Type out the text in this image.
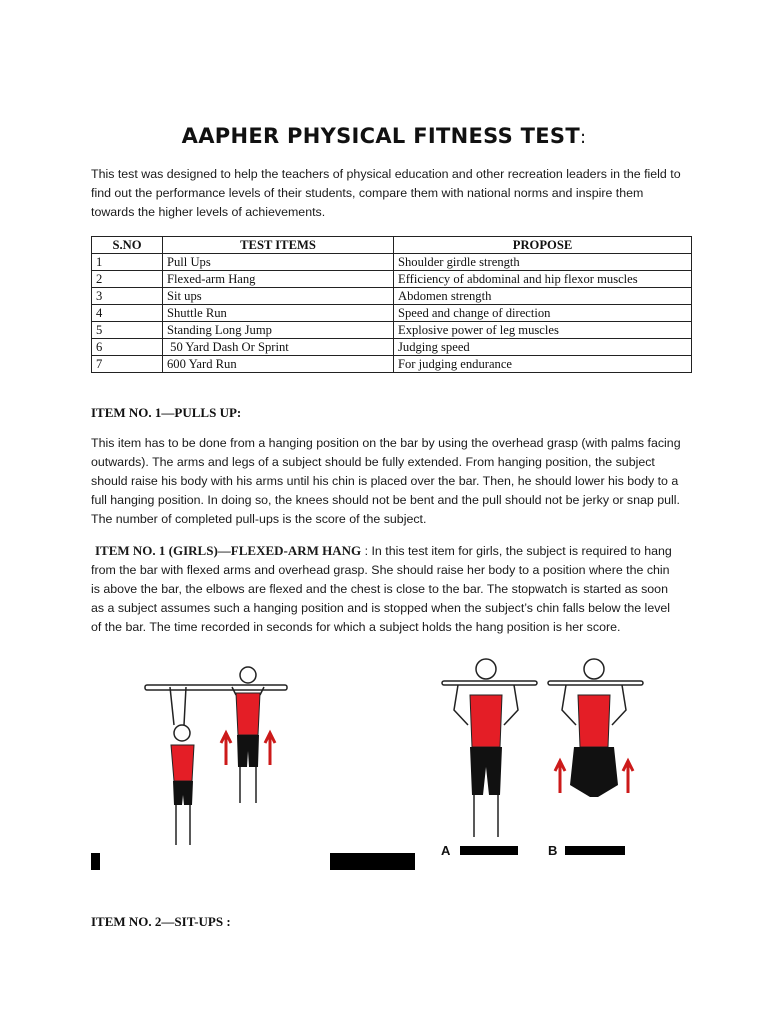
AAPHER PHYSICAL FITNESS TEST:
This test was designed to help the teachers of physical education and other recreation leaders in the field to find out the performance levels of their students, compare them with national norms and inspire them towards the higher levels of achievements.
S.NO	TEST ITEMS	PROPOSE
1	Pull Ups	Shoulder girdle strength
2	Flexed-arm Hang	Efficiency of abdominal and hip flexor muscles
3	Sit ups	Abdomen strength
4	Shuttle Run	Speed and change of direction
5	Standing Long Jump	Explosive power of leg muscles
6	50 Yard Dash Or Sprint	Judging speed
7	600 Yard Run	For judging endurance
ITEM NO. 1—PULLS UP:
This item has to be done from a hanging position on the bar by using the overhead grasp (with palms facing outwards). The arms and legs of a subject should be fully extended. From hanging position, the subject should raise his body with his arms until his chin is placed over the bar. Then, he should lower his body to a full hanging position. In doing so, the knees should not be bent and the pull should not be jerky or snap pull. The number of completed pull-ups is the score of the subject.
ITEM NO. 1 (GIRLS)—FLEXED-ARM HANG : In this test item for girls, the subject is required to hang from the bar with flexed arms and overhead grasp. She should raise her body to a position where the chin is above the bar, the elbows are flexed and the chest is close to the bar. The stopwatch is started as soon as a subject assumes such a hanging position and is stopped when the subject’s chin falls below the level of the bar. The time recorded in seconds for which a subject holds the hang position is her score.
A	B
ITEM NO. 2—SIT-UPS :
